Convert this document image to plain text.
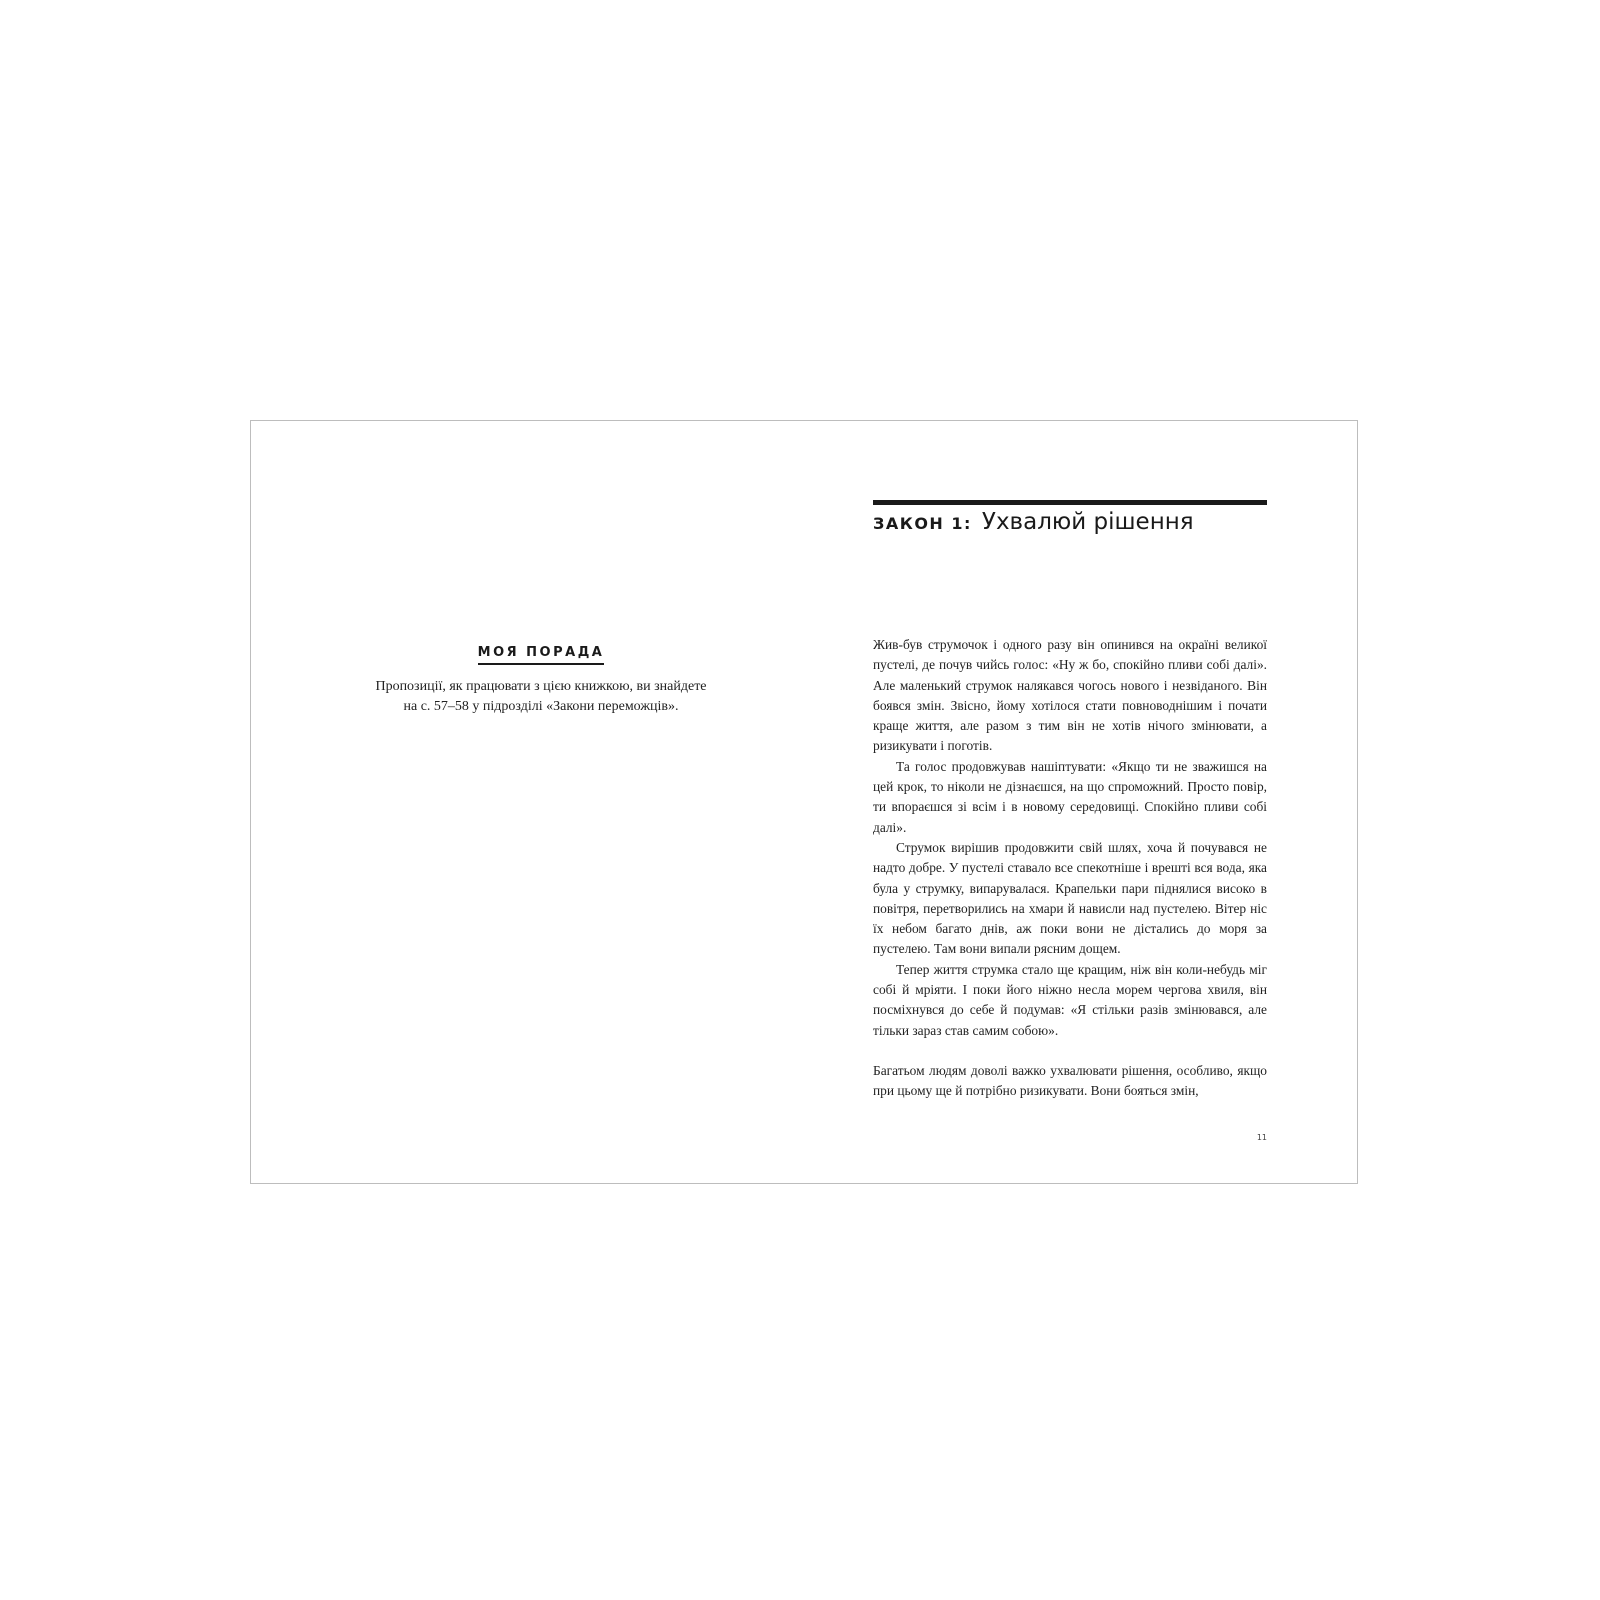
МОЯ ПОРАДА
Пропозиції, як працювати з цією книжкою, ви знайдете
на с. 57–58 у підрозділі «Закони переможців».
ЗАКОН 1: Ухвалюй рішення

Жив-був струмочок і одного разу він опинився на окраїні великої пустелі, де почув чийсь голос: «Ну ж бо, спокійно пливи собі далі». Але маленький струмок налякався чогось нового і незвіданого. Він боявся змін. Звісно, йому хотілося стати повноводнішим і почати краще життя, але разом з тим він не хотів нічого змінювати, а ризикувати і поготів.

Та голос продовжував нашіптувати: «Якщо ти не зважишся на цей крок, то ніколи не дізнаєшся, на що спроможний. Просто повір, ти впораєшся зі всім і в новому середовищі. Спокійно пливи собі далі».

Струмок вирішив продовжити свій шлях, хоча й почувався не надто добре. У пустелі ставало все спекотніше і врешті вся вода, яка була у струмку, випарувалася. Крапельки пари піднялися високо в повітря, перетворились на хмари й нависли над пустелею. Вітер ніс їх небом багато днів, аж поки вони не дістались до моря за пустелею. Там вони випали рясним дощем.

Тепер життя струмка стало ще кращим, ніж він коли-небудь міг собі й мріяти. І поки його ніжно несла морем чергова хвиля, він посміхнувся до себе й подумав: «Я стільки разів змінювався, але тільки зараз став самим собою».

Багатьом людям доволі важко ухвалювати рішення, особливо, якщо при цьому ще й потрібно ризикувати. Вони бояться змін,

11
